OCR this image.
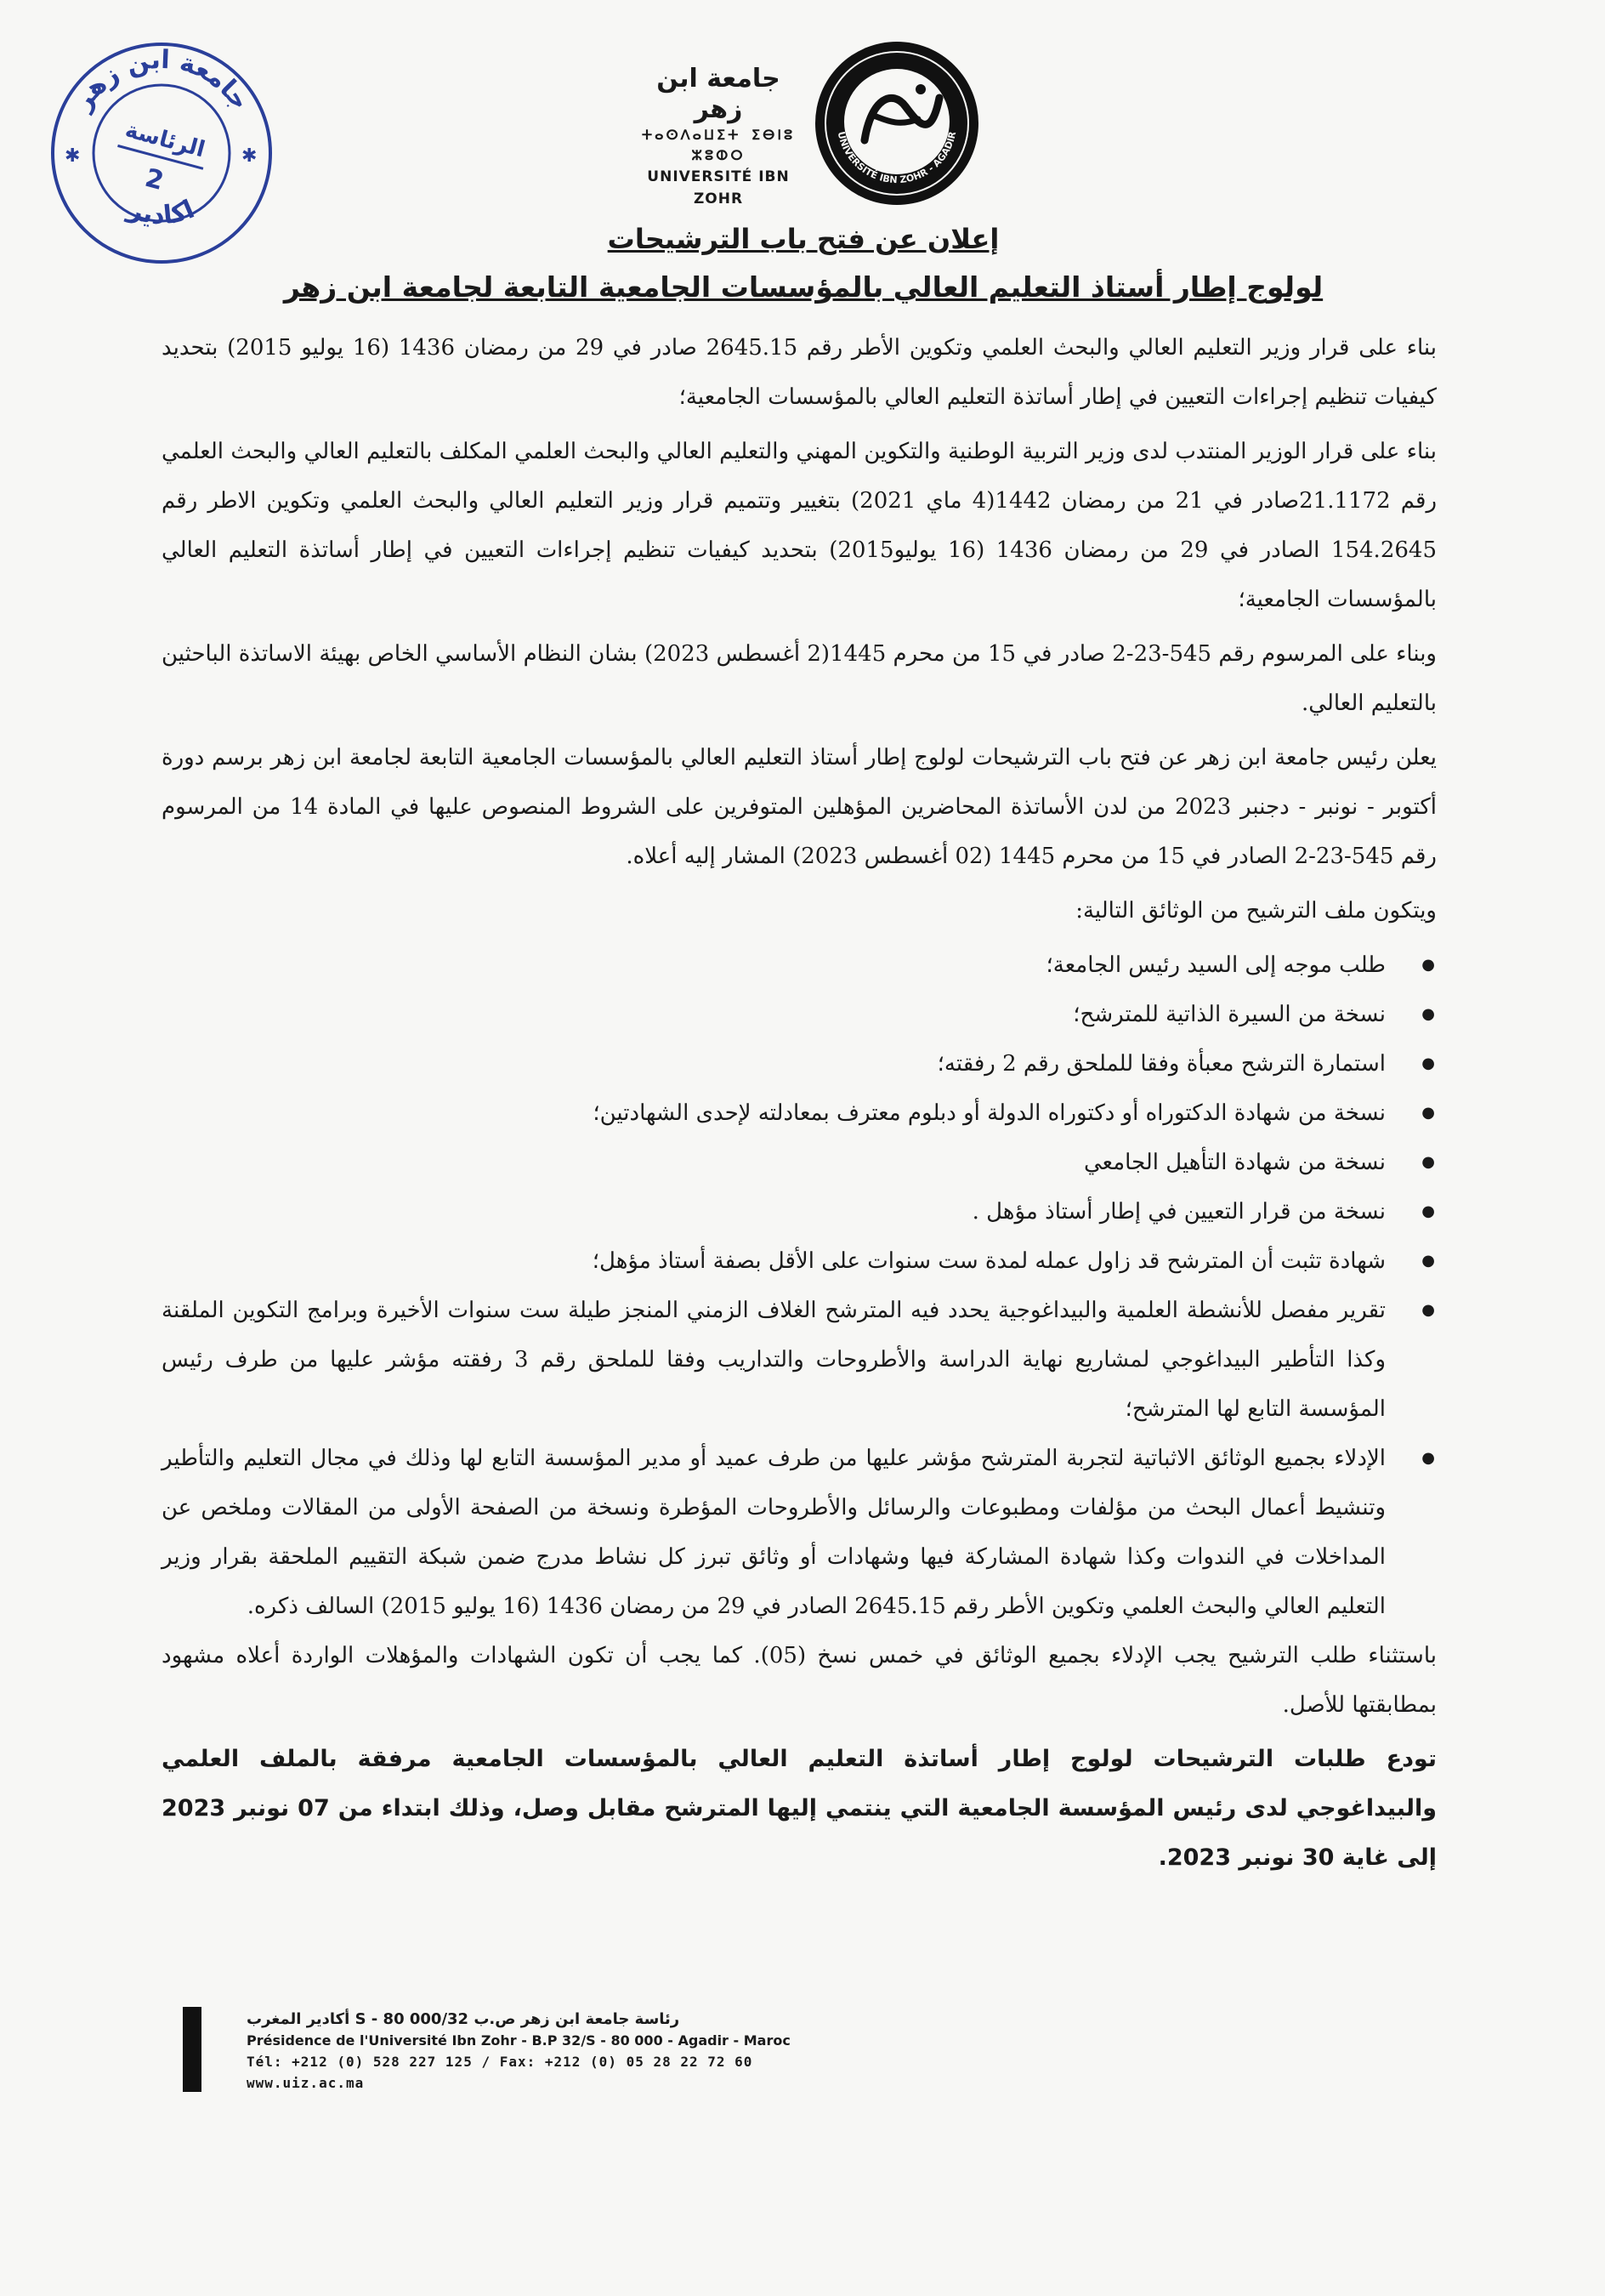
جامعة ابن زهر
اكادير
الرئاسة
2
✱	✱
جامعة ابن زهر
ⵜⴰⵙⴷⴰⵡⵉⵜ ⵉⴱⵏⵓ ⵣⵓⵀⵔ
UNIVERSITÉ IBN ZOHR
UNIVERSITÉ IBN ZOHR - AGADIR
إعلان عن فتح باب الترشيحات
لولوج إطار أستاذ التعليم العالي بالمؤسسات الجامعية التابعة لجامعة ابن زهر

بناء على قرار وزير التعليم العالي والبحث العلمي وتكوين الأطر رقم 2645.15 صادر في 29 من رمضان 1436 (16 يوليو 2015) بتحديد كيفيات تنظيم إجراءات التعيين في إطار أساتذة التعليم العالي بالمؤسسات الجامعية؛

بناء على قرار الوزير المنتدب لدى وزير التربية الوطنية والتكوين المهني والتعليم العالي والبحث العلمي المكلف بالتعليم العالي والبحث العلمي رقم 21.1172صادر في 21 من رمضان 1442(4 ماي 2021) بتغيير وتتميم قرار وزير التعليم العالي والبحث العلمي وتكوين الاطر رقم 154.2645 الصادر في 29 من رمضان 1436 (16 يوليو2015) بتحديد كيفيات تنظيم إجراءات التعيين في إطار أساتذة التعليم العالي بالمؤسسات الجامعية؛

وبناء على المرسوم رقم 545-23-2 صادر في 15 من محرم 1445(2 أغسطس 2023) بشان النظام الأساسي الخاص بهيئة الاساتذة الباحثين بالتعليم العالي.

يعلن رئيس جامعة ابن زهر عن فتح باب الترشيحات لولوج إطار أستاذ التعليم العالي بالمؤسسات الجامعية التابعة لجامعة ابن زهر برسم دورة أكتوبر - نونبر - دجنبر 2023 من لدن الأساتذة المحاضرين المؤهلين المتوفرين على الشروط المنصوص عليها في المادة 14 من المرسوم رقم 545-23-2 الصادر في 15 من محرم 1445 (02 أغسطس 2023) المشار إليه أعلاه.

ويتكون ملف الترشيح من الوثائق التالية:

● طلب موجه إلى السيد رئيس الجامعة؛
● نسخة من السيرة الذاتية للمترشح؛
● استمارة الترشح معبأة وفقا للملحق رقم 2 رفقته؛
● نسخة من شهادة الدكتوراه أو دكتوراه الدولة أو دبلوم معترف بمعادلته لإحدى الشهادتين؛
● نسخة من شهادة التأهيل الجامعي
● نسخة من قرار التعيين في إطار أستاذ مؤهل .
● شهادة تثبت أن المترشح قد زاول عمله لمدة ست سنوات على الأقل بصفة أستاذ مؤهل؛
● تقرير مفصل للأنشطة العلمية والبيداغوجية يحدد فيه المترشح الغلاف الزمني المنجز طيلة ست سنوات الأخيرة وبرامج التكوين الملقنة وكذا التأطير البيداغوجي لمشاريع نهاية الدراسة والأطروحات والتداريب وفقا للملحق رقم 3 رفقته مؤشر عليها من طرف رئيس المؤسسة التابع لها المترشح؛
● الإدلاء بجميع الوثائق الاثباتية لتجربة المترشح مؤشر عليها من طرف عميد أو مدير المؤسسة التابع لها وذلك في مجال التعليم والتأطير وتنشيط أعمال البحث من مؤلفات ومطبوعات والرسائل والأطروحات المؤطرة ونسخة من الصفحة الأولى من المقالات وملخص عن المداخلات في الندوات وكذا شهادة المشاركة فيها وشهادات أو وثائق تبرز كل نشاط مدرج ضمن شبكة التقييم الملحقة بقرار وزير التعليم العالي والبحث العلمي وتكوين الأطر رقم 2645.15 الصادر في 29 من رمضان 1436 (16 يوليو 2015) السالف ذكره.

باستثناء طلب الترشيح يجب الإدلاء بجميع الوثائق في خمس نسخ (05). كما يجب أن تكون الشهادات والمؤهلات الواردة أعلاه مشهود بمطابقتها للأصل.

تودع طلبات الترشيحات لولوج إطار أساتذة التعليم العالي بالمؤسسات الجامعية مرفقة بالملف العلمي والبيداغوجي لدى رئيس المؤسسة الجامعية التي ينتمي إليها المترشح مقابل وصل، وذلك ابتداء من 07 نونبر 2023 إلى غاية 30 نونبر 2023.

رئاسة جامعة ابن زهر ص.ب 32/S - 80 000 أكادير المغرب
Présidence de l'Université Ibn Zohr - B.P 32/S - 80 000 - Agadir - Maroc
Tél: +212 (0) 528 227 125 / Fax: +212 (0) 05 28 22 72 60
www.uiz.ac.ma
